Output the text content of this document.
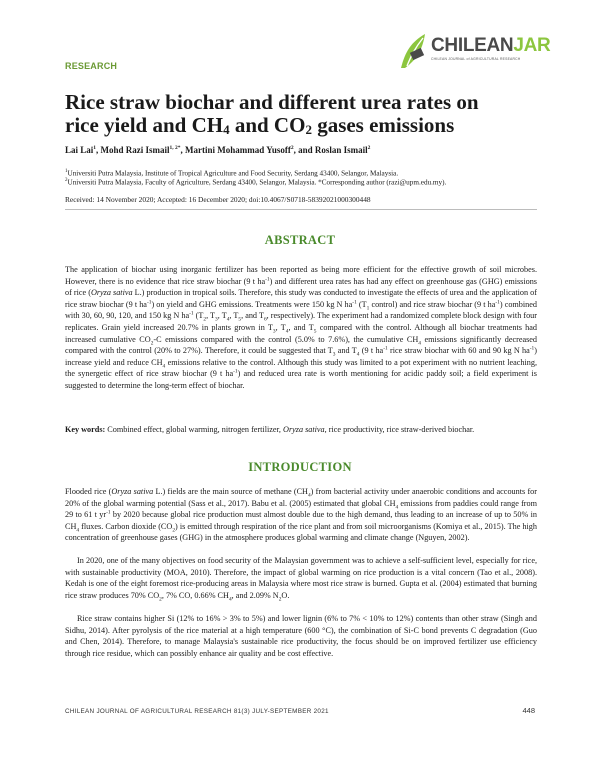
CHILEANJAR
CHILEAN JOURNAL of AGRICULTURAL RESEARCH
RESEARCH
Rice straw biochar and different urea rates on
rice yield and $CH_4$ and $CO_2$ gases emissions
Lai Lai$^1$, Mohd Razi Ismail$^{1, 2*}$, Martini Mohammad Yusoff$^2$, and Roslan Ismail$^2$
$^1$Universiti Putra Malaysia, Institute of Tropical Agriculture and Food Security, Serdang 43400, Selangor, Malaysia.
$^2$Universiti Putra Malaysia, Faculty of Agriculture, Serdang 43400, Selangor, Malaysia. *Corresponding author (razi@upm.edu.my).
Received: 14 November 2020; Accepted: 16 December 2020; doi:10.4067/S0718-58392021000300448
ABSTRACT

The application of biochar using inorganic fertilizer has been reported as being more efficient for the effective growth of soil microbes. However, there is no evidence that rice straw biochar (9 t $ha^{-1}$) and different urea rates has had any effect on greenhouse gas (GHG) emissions of rice (Oryza sativa L.) production in tropical soils. Therefore, this study was conducted to investigate the effects of urea and the application of rice straw biochar (9 t $ha^{-1}$) on yield and GHG emissions. Treatments were 150 kg N $ha^{-1}$ ($T_1$ control) and rice straw biochar (9 t $ha^{-1}$) combined with 30, 60, 90, 120, and 150 kg N $ha^{-1}$ ($T_2$, $T_3$, $T_4$, $T_5$, and $T_6$, respectively). The experiment had a randomized complete block design with four replicates. Grain yield increased 20.7% in plants grown in $T_3$, $T_4$, and $T_5$ compared with the control. Although all biochar treatments had increased cumulative $CO_2-C$ emissions compared with the control (5.0% to 7.6%), the cumulative $CH_4$ emissions significantly decreased compared with the control (20% to 27%). Therefore, it could be suggested that $T_3$ and $T_4$ (9 t $ha^{-1}$ rice straw biochar with 60 and 90 kg N $ha^{-1}$) increase yield and reduce $CH_4$ emissions relative to the control. Although this study was limited to a pot experiment with no nutrient leaching, the synergetic effect of rice straw biochar (9 t $ha^{-1}$) and reduced urea rate is worth mentioning for acidic paddy soil; a field experiment is suggested to determine the long-term effect of biochar.

Key words: Combined effect, global warming, nitrogen fertilizer, Oryza sativa, rice productivity, rice straw-derived biochar.

INTRODUCTION

Flooded rice (Oryza sativa L.) fields are the main source of methane $(CH_4)$ from bacterial activity under anaerobic conditions and accounts for 20% of the global warming potential (Sass et al., 2017). Babu et al. (2005) estimated that global $CH_4$ emissions from paddies could range from 29 to 61 t $yr^{-1}$ by 2020 because global rice production must almost double due to the high demand, thus leading to an increase of up to 50% in $CH_4$ fluxes. Carbon dioxide $(CO_2)$ is emitted through respiration of the rice plant and from soil microorganisms (Komiya et al., 2015). The high concentration of greenhouse gases (GHG) in the atmosphere produces global warming and climate change (Nguyen, 2002).

In 2020, one of the many objectives on food security of the Malaysian government was to achieve a self-sufficient level, especially for rice, with sustainable productivity (MOA, 2010). Therefore, the impact of global warming on rice production is a vital concern (Tao et al., 2008). Kedah is one of the eight foremost rice-producing areas in Malaysia where most rice straw is burned. Gupta et al. (2004) estimated that burning rice straw produces 70% $CO_2$, 7% CO, 0.66% $CH_4$, and 2.09% $N_2O$.

Rice straw contains higher Si (12% to 16% > 3% to 5%) and lower lignin (6% to 7% < 10% to 12%) contents than other straw (Singh and Sidhu, 2014). After pyrolysis of the rice material at a high temperature (600 °C), the combination of Si-C bond prevents C degradation (Guo and Chen, 2014). Therefore, to manage Malaysia's sustainable rice productivity, the focus should be on improved fertilizer use efficiency through rice residue, which can possibly enhance air quality and be cost effective.

CHILEAN JOURNAL OF AGRICULTURAL RESEARCH 81(3) JULY-SEPTEMBER 2021	448
